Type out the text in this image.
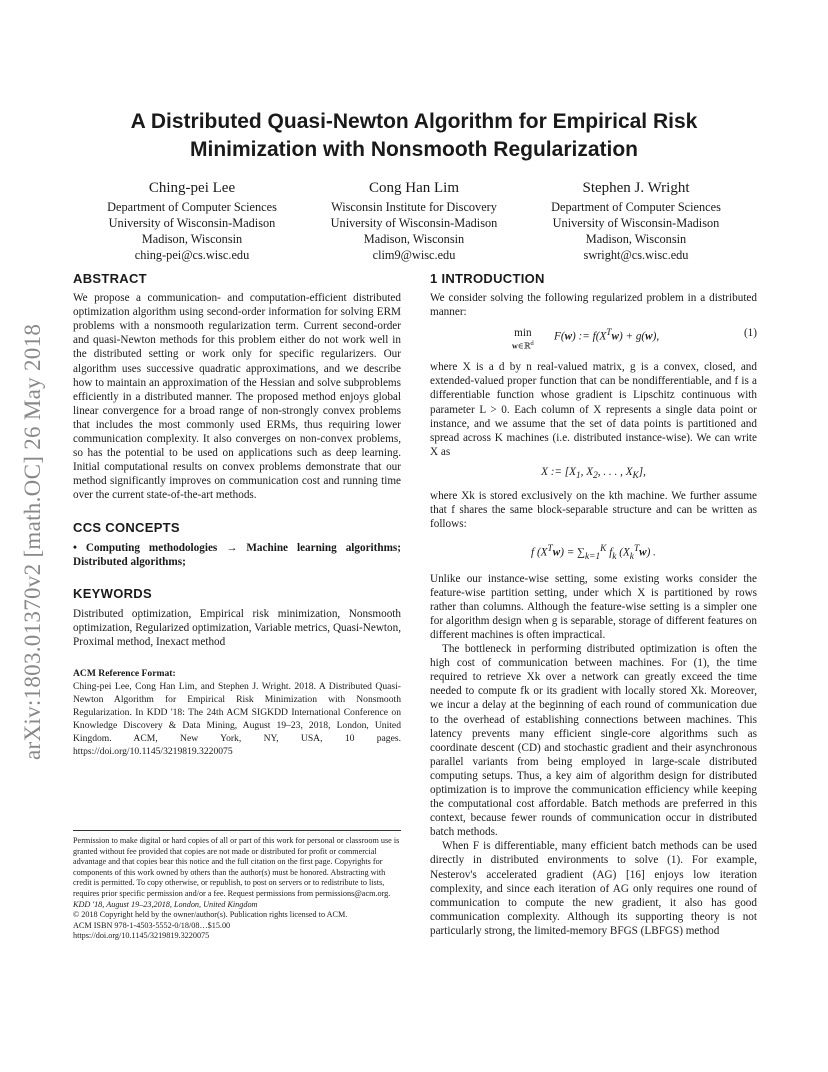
arXiv:1803.01370v2 [math.OC] 26 May 2018
A Distributed Quasi-Newton Algorithm for Empirical Risk
Minimization with Nonsmooth Regularization
Ching-pei Lee
Department of Computer Sciences
University of Wisconsin-Madison
Madison, Wisconsin
ching-pei@cs.wisc.edu
Cong Han Lim
Wisconsin Institute for Discovery
University of Wisconsin-Madison
Madison, Wisconsin
clim9@wisc.edu
Stephen J. Wright
Department of Computer Sciences
University of Wisconsin-Madison
Madison, Wisconsin
swright@cs.wisc.edu
ABSTRACT

We propose a communication- and computation-efficient distributed optimization algorithm using second-order information for solving ERM problems with a nonsmooth regularization term. Current second-order and quasi-Newton methods for this problem either do not work well in the distributed setting or work only for specific regularizers. Our algorithm uses successive quadratic approximations, and we describe how to maintain an approximation of the Hessian and solve subproblems efficiently in a distributed manner. The proposed method enjoys global linear convergence for a broad range of non-strongly convex problems that includes the most commonly used ERMs, thus requiring lower communication complexity. It also converges on non-convex problems, so has the potential to be used on applications such as deep learning. Initial computational results on convex problems demonstrate that our method significantly improves on communication cost and running time over the current state-of-the-art methods.

CCS CONCEPTS

• Computing methodologies → Machine learning algorithms; Distributed algorithms;

KEYWORDS

Distributed optimization, Empirical risk minimization, Nonsmooth optimization, Regularized optimization, Variable metrics, Quasi-Newton, Proximal method, Inexact method

ACM Reference Format:

Ching-pei Lee, Cong Han Lim, and Stephen J. Wright. 2018. A Distributed Quasi-Newton Algorithm for Empirical Risk Minimization with Nonsmooth Regularization. In KDD '18: The 24th ACM SIGKDD International Conference on Knowledge Discovery & Data Mining, August 19–23, 2018, London, United Kingdom. ACM, New York, NY, USA, 10 pages. https://doi.org/10.1145/3219819.3220075

Permission to make digital or hard copies of all or part of this work for personal or classroom use is granted without fee provided that copies are not made or distributed for profit or commercial advantage and that copies bear this notice and the full citation on the first page. Copyrights for components of this work owned by others than the author(s) must be honored. Abstracting with credit is permitted. To copy otherwise, or republish, to post on servers or to redistribute to lists, requires prior specific permission and/or a fee. Request permissions from permissions@acm.org.

KDD '18, August 19–23,2018, London, United Kingdom

© 2018 Copyright held by the owner/author(s). Publication rights licensed to ACM.

ACM ISBN 978-1-4503-5552-0/18/08…$15.00

https://doi.org/10.1145/3219819.3220075

1 INTRODUCTION

We consider solving the following regularized problem in a distributed manner:

min
w∈ℝ$^d$
F(w) := $f(X^Tw) + g(w)$,	(1)

where X is a d by n real-valued matrix, g is a convex, closed, and extended-valued proper function that can be nondifferentiable, and f is a differentiable function whose gradient is Lipschitz continuous with parameter L > 0. Each column of X represents a single data point or instance, and we assume that the set of data points is partitioned and spread across K machines (i.e. distributed instance-wise). We can write X as

X := [$X_1$, $X_2$, . . . , $X_K$],

where Xk is stored exclusively on the kth machine. We further assume that f shares the same block-separable structure and can be written as follows:

f $(X^Tw) = \sum_{k=1}^K$ $f_k$ $(X_k^Tw)$ .

Unlike our instance-wise setting, some existing works consider the feature-wise partition setting, under which X is partitioned by rows rather than columns. Although the feature-wise setting is a simpler one for algorithm design when g is separable, storage of different features on different machines is often impractical.

The bottleneck in performing distributed optimization is often the high cost of communication between machines. For (1), the time required to retrieve Xk over a network can greatly exceed the time needed to compute fk or its gradient with locally stored Xk. Moreover, we incur a delay at the beginning of each round of communication due to the overhead of establishing connections between machines. This latency prevents many efficient single-core algorithms such as coordinate descent (CD) and stochastic gradient and their asynchronous parallel variants from being employed in large-scale distributed computing setups. Thus, a key aim of algorithm design for distributed optimization is to improve the communication efficiency while keeping the computational cost affordable. Batch methods are preferred in this context, because fewer rounds of communication occur in distributed batch methods.

When F is differentiable, many efficient batch methods can be used directly in distributed environments to solve (1). For example, Nesterov's accelerated gradient (AG) [16] enjoys low iteration complexity, and since each iteration of AG only requires one round of communication to compute the new gradient, it also has good communication complexity. Although its supporting theory is not particularly strong, the limited-memory BFGS (LBFGS) method
